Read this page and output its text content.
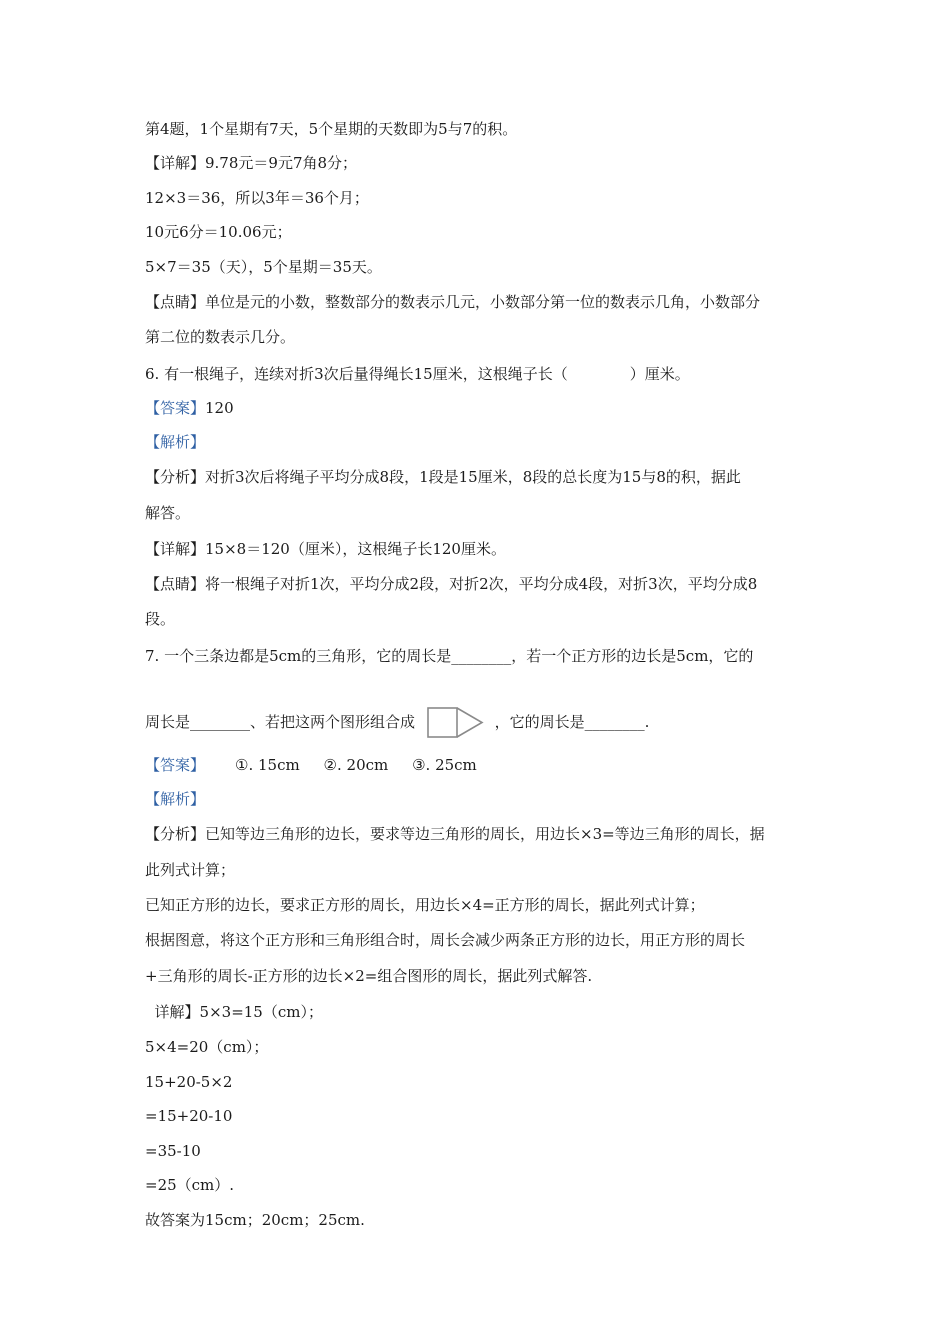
第4题，1个星期有7天，5个星期的天数即为5与7的积。
【详解】9.78元＝9元7角8分；
12×3＝36，所以3年＝36个月；
10元6分＝10.06元；
5×7＝35（天），5个星期＝35天。
【点睛】单位是元的小数，整数部分的数表示几元，小数部分第一位的数表示几角，小数部分
第二位的数表示几分。
6. 有一根绳子，连续对折3次后量得绳长15厘米，这根绳子长（	）厘米。
【答案】120
【解析】
【分析】对折3次后将绳子平均分成8段，1段是15厘米，8段的总长度为15与8的积，据此
解答。
【详解】15×8＝120（厘米），这根绳子长120厘米。
【点睛】将一根绳子对折1次，平均分成2段，对折2次，平均分成4段，对折3次，平均分成8
段。
7. 一个三条边都是5cm的三角形，它的周长是________，若一个正方形的边长是5cm，它的
周长是________、若把这两个图形组合成	，它的周长是________.
【答案】 ①. 15cm     ②. 20cm     ③. 25cm
【解析】
【分析】已知等边三角形的边长，要求等边三角形的周长，用边长×3=等边三角形的周长，据
此列式计算；
已知正方形的边长，要求正方形的周长，用边长×4=正方形的周长，据此列式计算；
根据图意，将这个正方形和三角形组合时，周长会减少两条正方形的边长，用正方形的周长
+三角形的周长-正方形的边长×2=组合图形的周长，据此列式解答.
详解】5×3=15（cm）；
5×4=20（cm）；
15+20-5×2
=15+20-10
=35-10
=25（cm）.
故答案为15cm；20cm；25cm.
